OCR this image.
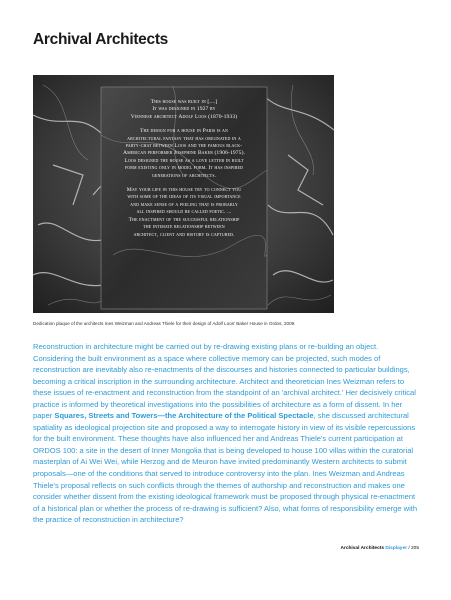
Archival Architects
This house was built in [....]
It was designed in 1927 by
Viennese architect Adolf Loos (1870-1933)
The design for a house in Paris is an
architectural fantasy that has originated in a
party-chat between Loos and the famous black-
American performer Josephine Baker (1906-1975).
Loos designed the house as a love letter in built
form existing only in model form. It has inspired
generations of architects.
May your life in this house try to connect you
with some of the ideas of its visual importance
and make sense of a feeling that is probably
all inspired should be called poetic. ...
The enactment of the successful relationship
the intimate relationship between
architect, client and history is captured.
Dedication plaque of the architects Ines Weizman and Andreas Thiele for their design of Adolf Loos' Baker House in Ordos, 2009.
Reconstruction in architecture might be carried out by re-drawing existing plans or re-building an object. Considering the built environment as a space where collective memory can be projected, such modes of reconstruction are inevitably also re-enactments of the discourses and histories connected to particular buildings, becoming a critical inscription in the surrounding architecture. Architect and theoretician Ines Weizman refers to these issues of re-enactment and reconstruction from the standpoint of an 'archival architect.' Her decisively critical practice is informed by theoretical investigations into the possibilities of architecture as a form of dissent. In her paper Squares, Streets and Towers—the Architecture of the Political Spectacle, she discussed architectural spatiality as ideological projection site and proposed a way to interrogate history in view of its visible repercussions for the built environment. These thoughts have also influenced her and Andreas Thiele's current participation at ORDOS 100: a site in the desert of Inner Mongolia that is being developed to house 100 villas within the curatorial masterplan of Ai Wei Wei, while Herzog and de Meuron have invited predominantly Western architects to submit proposals—one of the conditions that served to introduce controversy into the plan. Ines Weizman and Andreas Thiele's proposal reflects on such conflicts through the themes of authorship and reconstruction and makes one consider whether dissent from the existing ideological framework must be proposed through physical re-enactment of a historical plan or whether the process of re-drawing is sufficient? Also, what forms of responsibility emerge with the practice of reconstruction in architecture?
Archival Architects Displayer / 205
